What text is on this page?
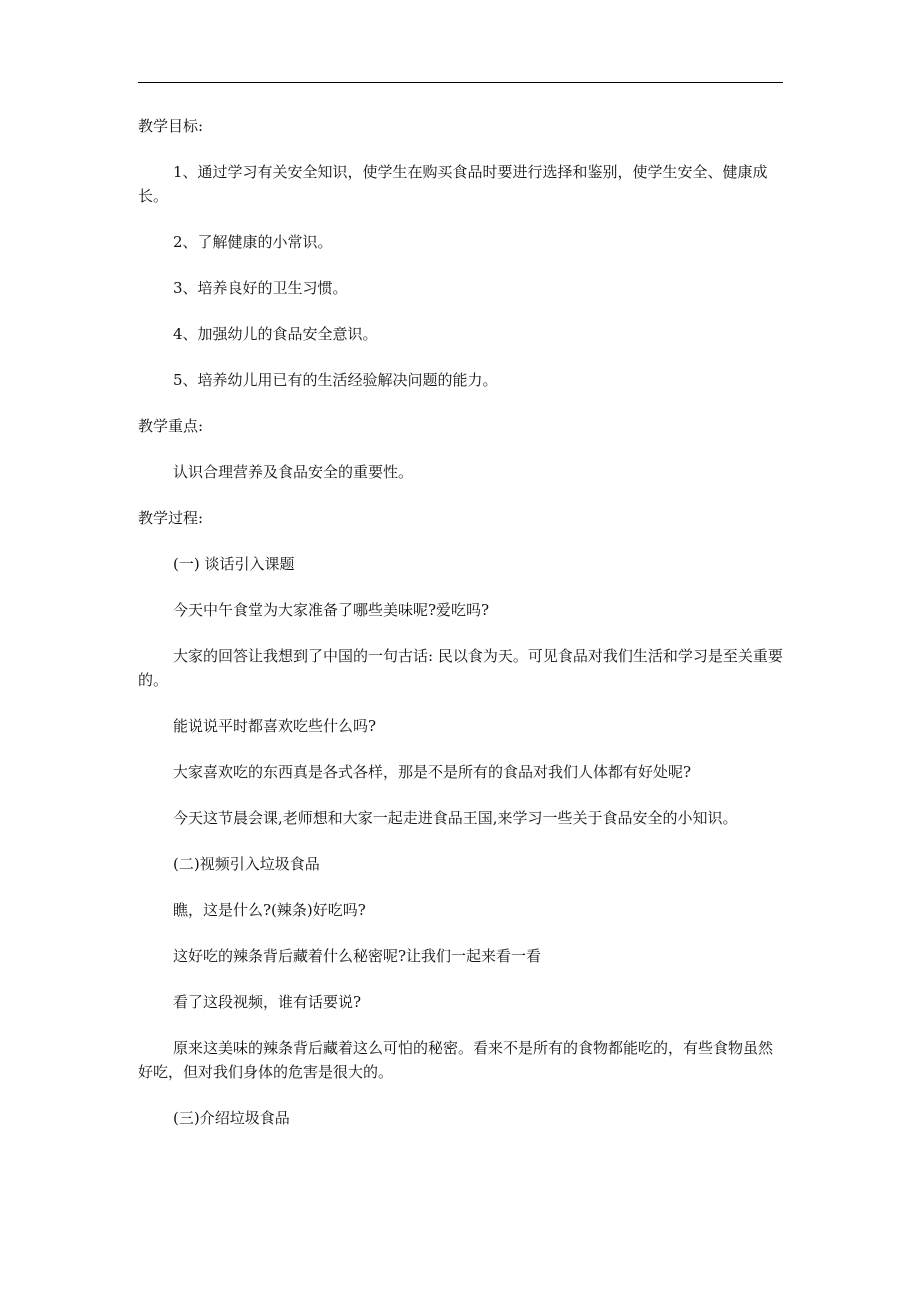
教学目标:

1、通过学习有关安全知识，使学生在购买食品时要进行选择和鉴别，使学生安全、健康成长。

2、了解健康的小常识。

3、培养良好的卫生习惯。

4、加强幼儿的食品安全意识。

5、培养幼儿用已有的生活经验解决问题的能力。

教学重点:

认识合理营养及食品安全的重要性。

教学过程:

(一) 谈话引入课题

今天中午食堂为大家准备了哪些美味呢?爱吃吗?

大家的回答让我想到了中国的一句古话: 民以食为天。可见食品对我们生活和学习是至关重要的。

能说说平时都喜欢吃些什么吗?

大家喜欢吃的东西真是各式各样，那是不是所有的食品对我们人体都有好处呢?

今天这节晨会课,老师想和大家一起走进食品王国,来学习一些关于食品安全的小知识。

(二)视频引入垃圾食品

瞧，这是什么?(辣条)好吃吗?

这好吃的辣条背后藏着什么秘密呢?让我们一起来看一看

看了这段视频，谁有话要说?

原来这美味的辣条背后藏着这么可怕的秘密。看来不是所有的食物都能吃的，有些食物虽然好吃，但对我们身体的危害是很大的。

(三)介绍垃圾食品
